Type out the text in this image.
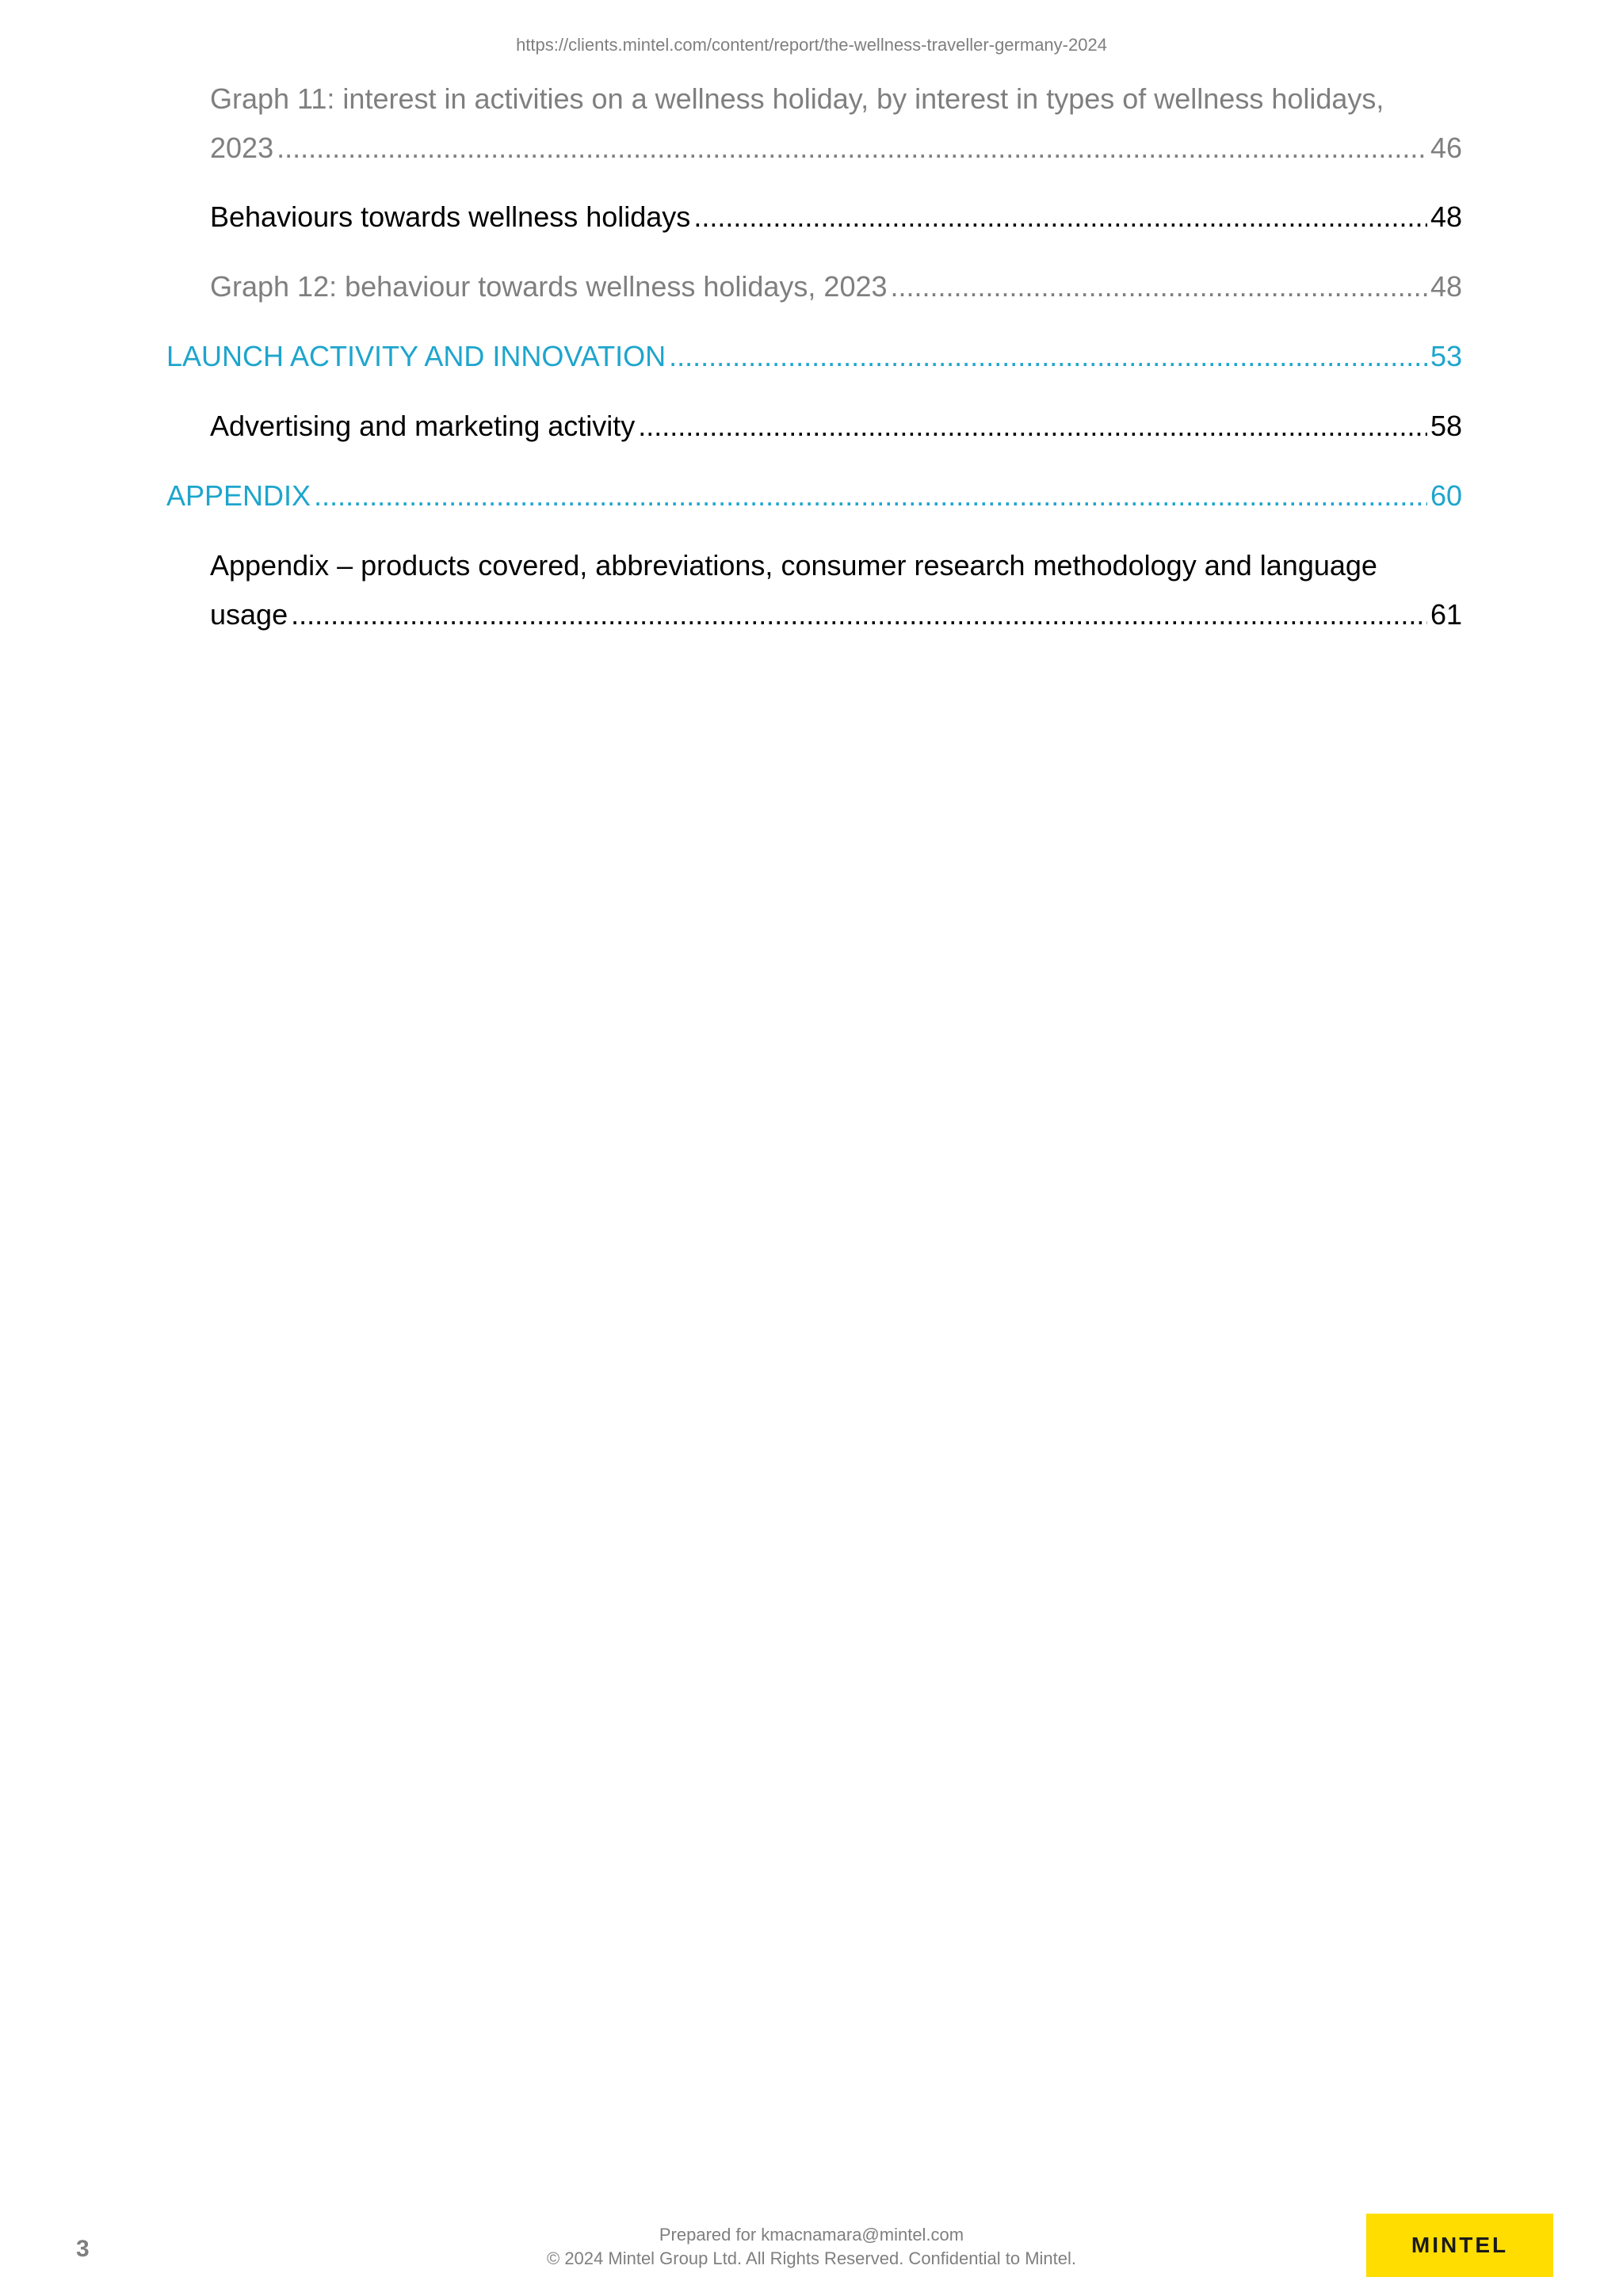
https://clients.mintel.com/content/report/the-wellness-traveller-germany-2024
Graph 11: interest in activities on a wellness holiday, by interest in types of wellness holidays,
2023 .....	46
Behaviours towards wellness holidays .....	48
Graph 12: behaviour towards wellness holidays, 2023 .....	48
LAUNCH ACTIVITY AND INNOVATION .....	53
Advertising and marketing activity .....	58
APPENDIX .....	60
Appendix – products covered, abbreviations, consumer research methodology and language
usage .....	61
3
Prepared for kmacnamara@mintel.com
© 2024 Mintel Group Ltd. All Rights Reserved. Confidential to Mintel.
MINTEL
